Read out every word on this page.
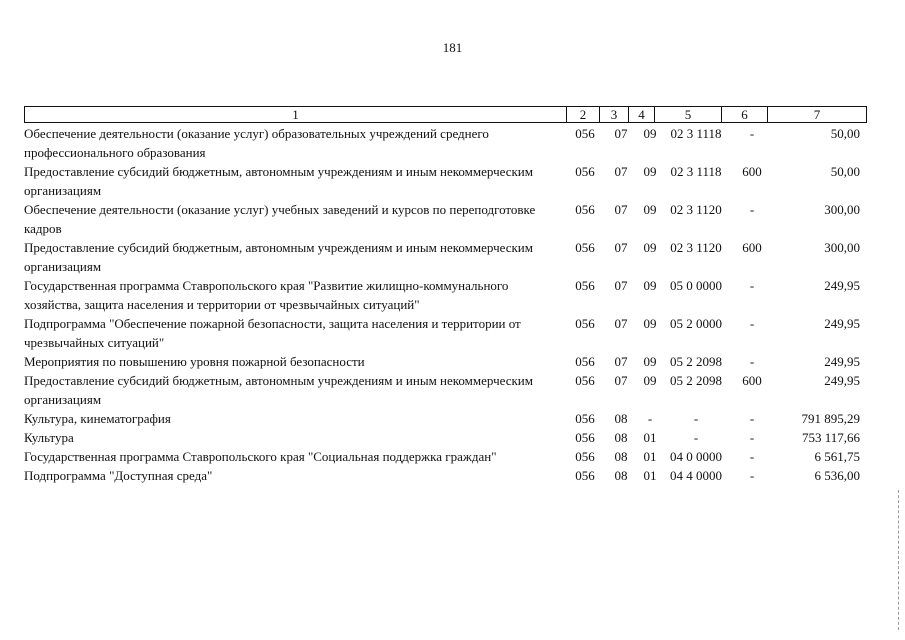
181
1	2	3	4	5	6	7
Обеспечение деятельности (оказание услуг) образовательных учреждений среднего профессионального образования
056 07	09	02 3 1118	-	50,00
Предоставление субсидий бюджетным, автономным учреждениям и иным некоммерческим организациям
056 07	09	02 3 1118	600	50,00
Обеспечение деятельности (оказание услуг) учебных заведений и курсов по переподготовке кадров
056 07	09	02 3 1120	-	300,00
Предоставление субсидий бюджетным, автономным учреждениям и иным некоммерческим организациям
056 07	09	02 3 1120	600	300,00
Государственная программа Ставропольского края "Развитие жилищно-коммунального хозяйства, защита населения и территории от чрезвычайных ситуаций"
056 07	09	05 0 0000	-	249,95
Подпрограмма "Обеспечение пожарной безопасности, защита населения и территории от чрезвычайных ситуаций"
056 07	09	05 2 0000	-	249,95
Мероприятия по повышению уровня пожарной безопасности	056 07	09	05 2 2098	-	249,95
Предоставление субсидий бюджетным, автономным учреждениям и иным некоммерческим организациям
056 07	09	05 2 2098	600	249,95
Культура, кинематография	056 08	-	-	-	791 895,29
Культура	056 08	01	-	-	753 117,66
Государственная программа Ставропольского края "Социальная поддержка граждан"	056 08	01	04 0 0000	-	6 561,75
Подпрограмма "Доступная среда"	056 08	01	04 4 0000	-	6 536,00
